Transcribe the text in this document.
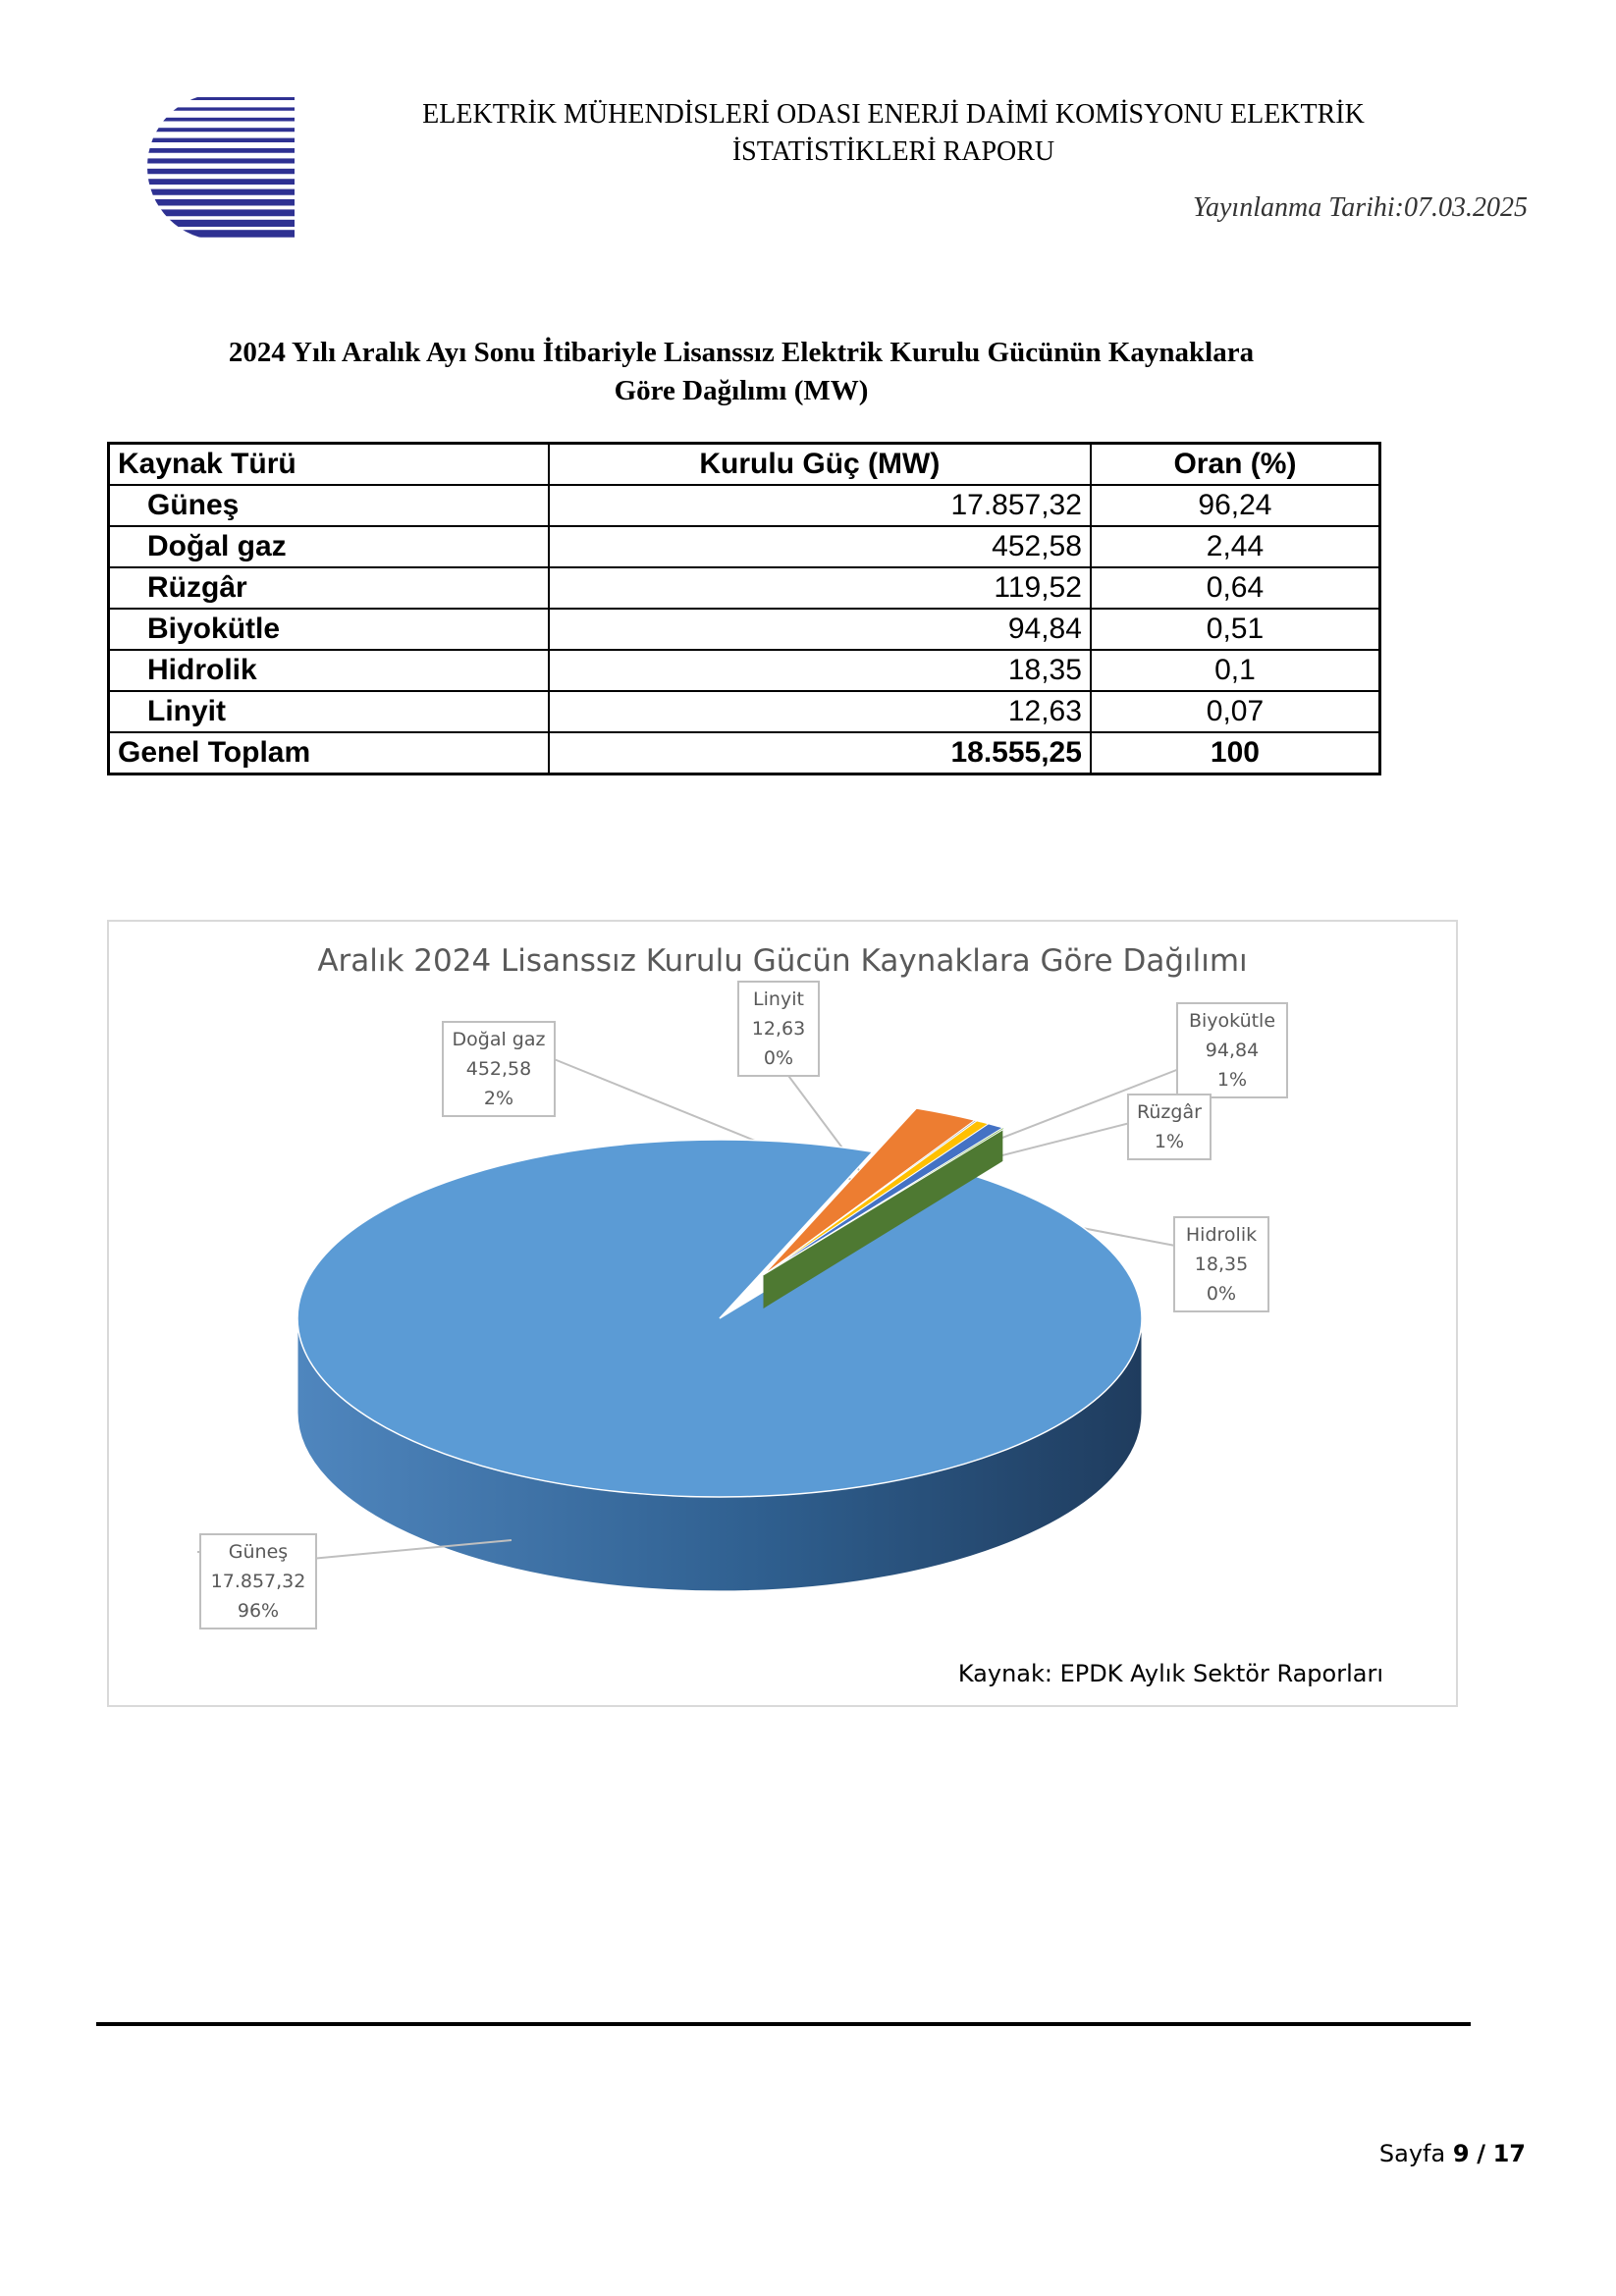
ELEKTRİK MÜHENDİSLERİ ODASI ENERJİ DAİMİ KOMİSYONU ELEKTRİK
İSTATİSTİKLERİ RAPORU
Yayınlanma Tarihi:07.03.2025
2024 Yılı Aralık Ayı Sonu İtibariyle Lisanssız Elektrik Kurulu Gücünün Kaynaklara
Göre Dağılımı (MW)
Kaynak Türü	Kurulu Güç (MW)	Oran (%)
Güneş	17.857,32	96,24
Doğal gaz	452,58	2,44
Rüzgâr	119,52	0,64
Biyokütle	94,84	0,51
Hidrolik	18,35	0,1
Linyit	12,63	0,07
Genel Toplam	18.555,25	100
Aralık 2024 Lisanssız Kurulu Gücün Kaynaklara Göre Dağılımı
Doğal gaz
452,58
2%
Linyit
12,63
0%
Biyokütle
94,84
1%
Rüzgâr
1%
Hidrolik
18,35
0%
Güneş
17.857,32
96%
Kaynak: EPDK Aylık Sektör Raporları
Sayfa 9 / 17
